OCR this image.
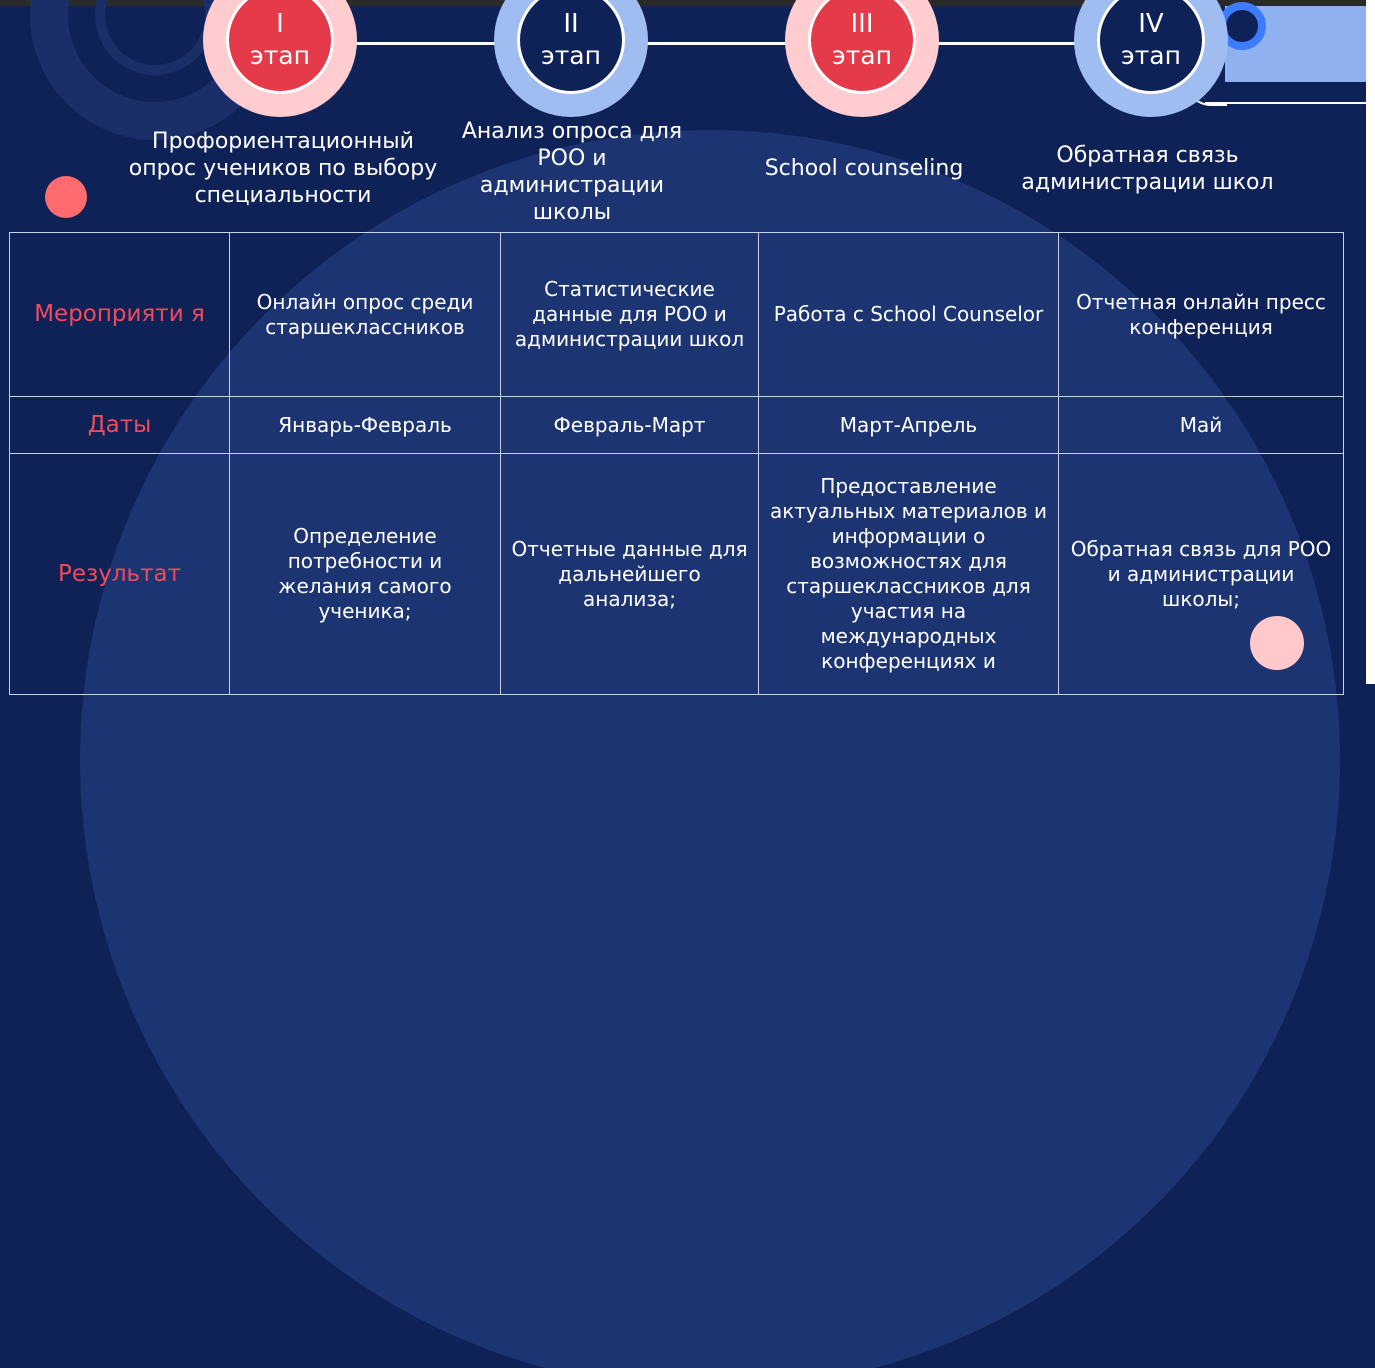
I
этап
II
этап
III
этап
IV
этап
Профориентационный опрос учеников по выбору специальности
Анализ опроса для РОО и администрации школы
School counseling
Обратная связь администрации школ
Мероприяти я	Онлайн опрос среди старшеклассников	Статистические данные для РОО и администрации школ	Работа с School Counselor	Отчетная онлайн пресс конференция
Даты	Январь-Февраль	Февраль-Март	Март-Апрель	Май
Результат	Определение потребности и желания самого ученика;	Отчетные данные для дальнейшего анализа;	Предоставление актуальных материалов и информации о возможностях для старшеклассников для участия на международных конференциях и	Обратная связь для РОО и администрации школы;
